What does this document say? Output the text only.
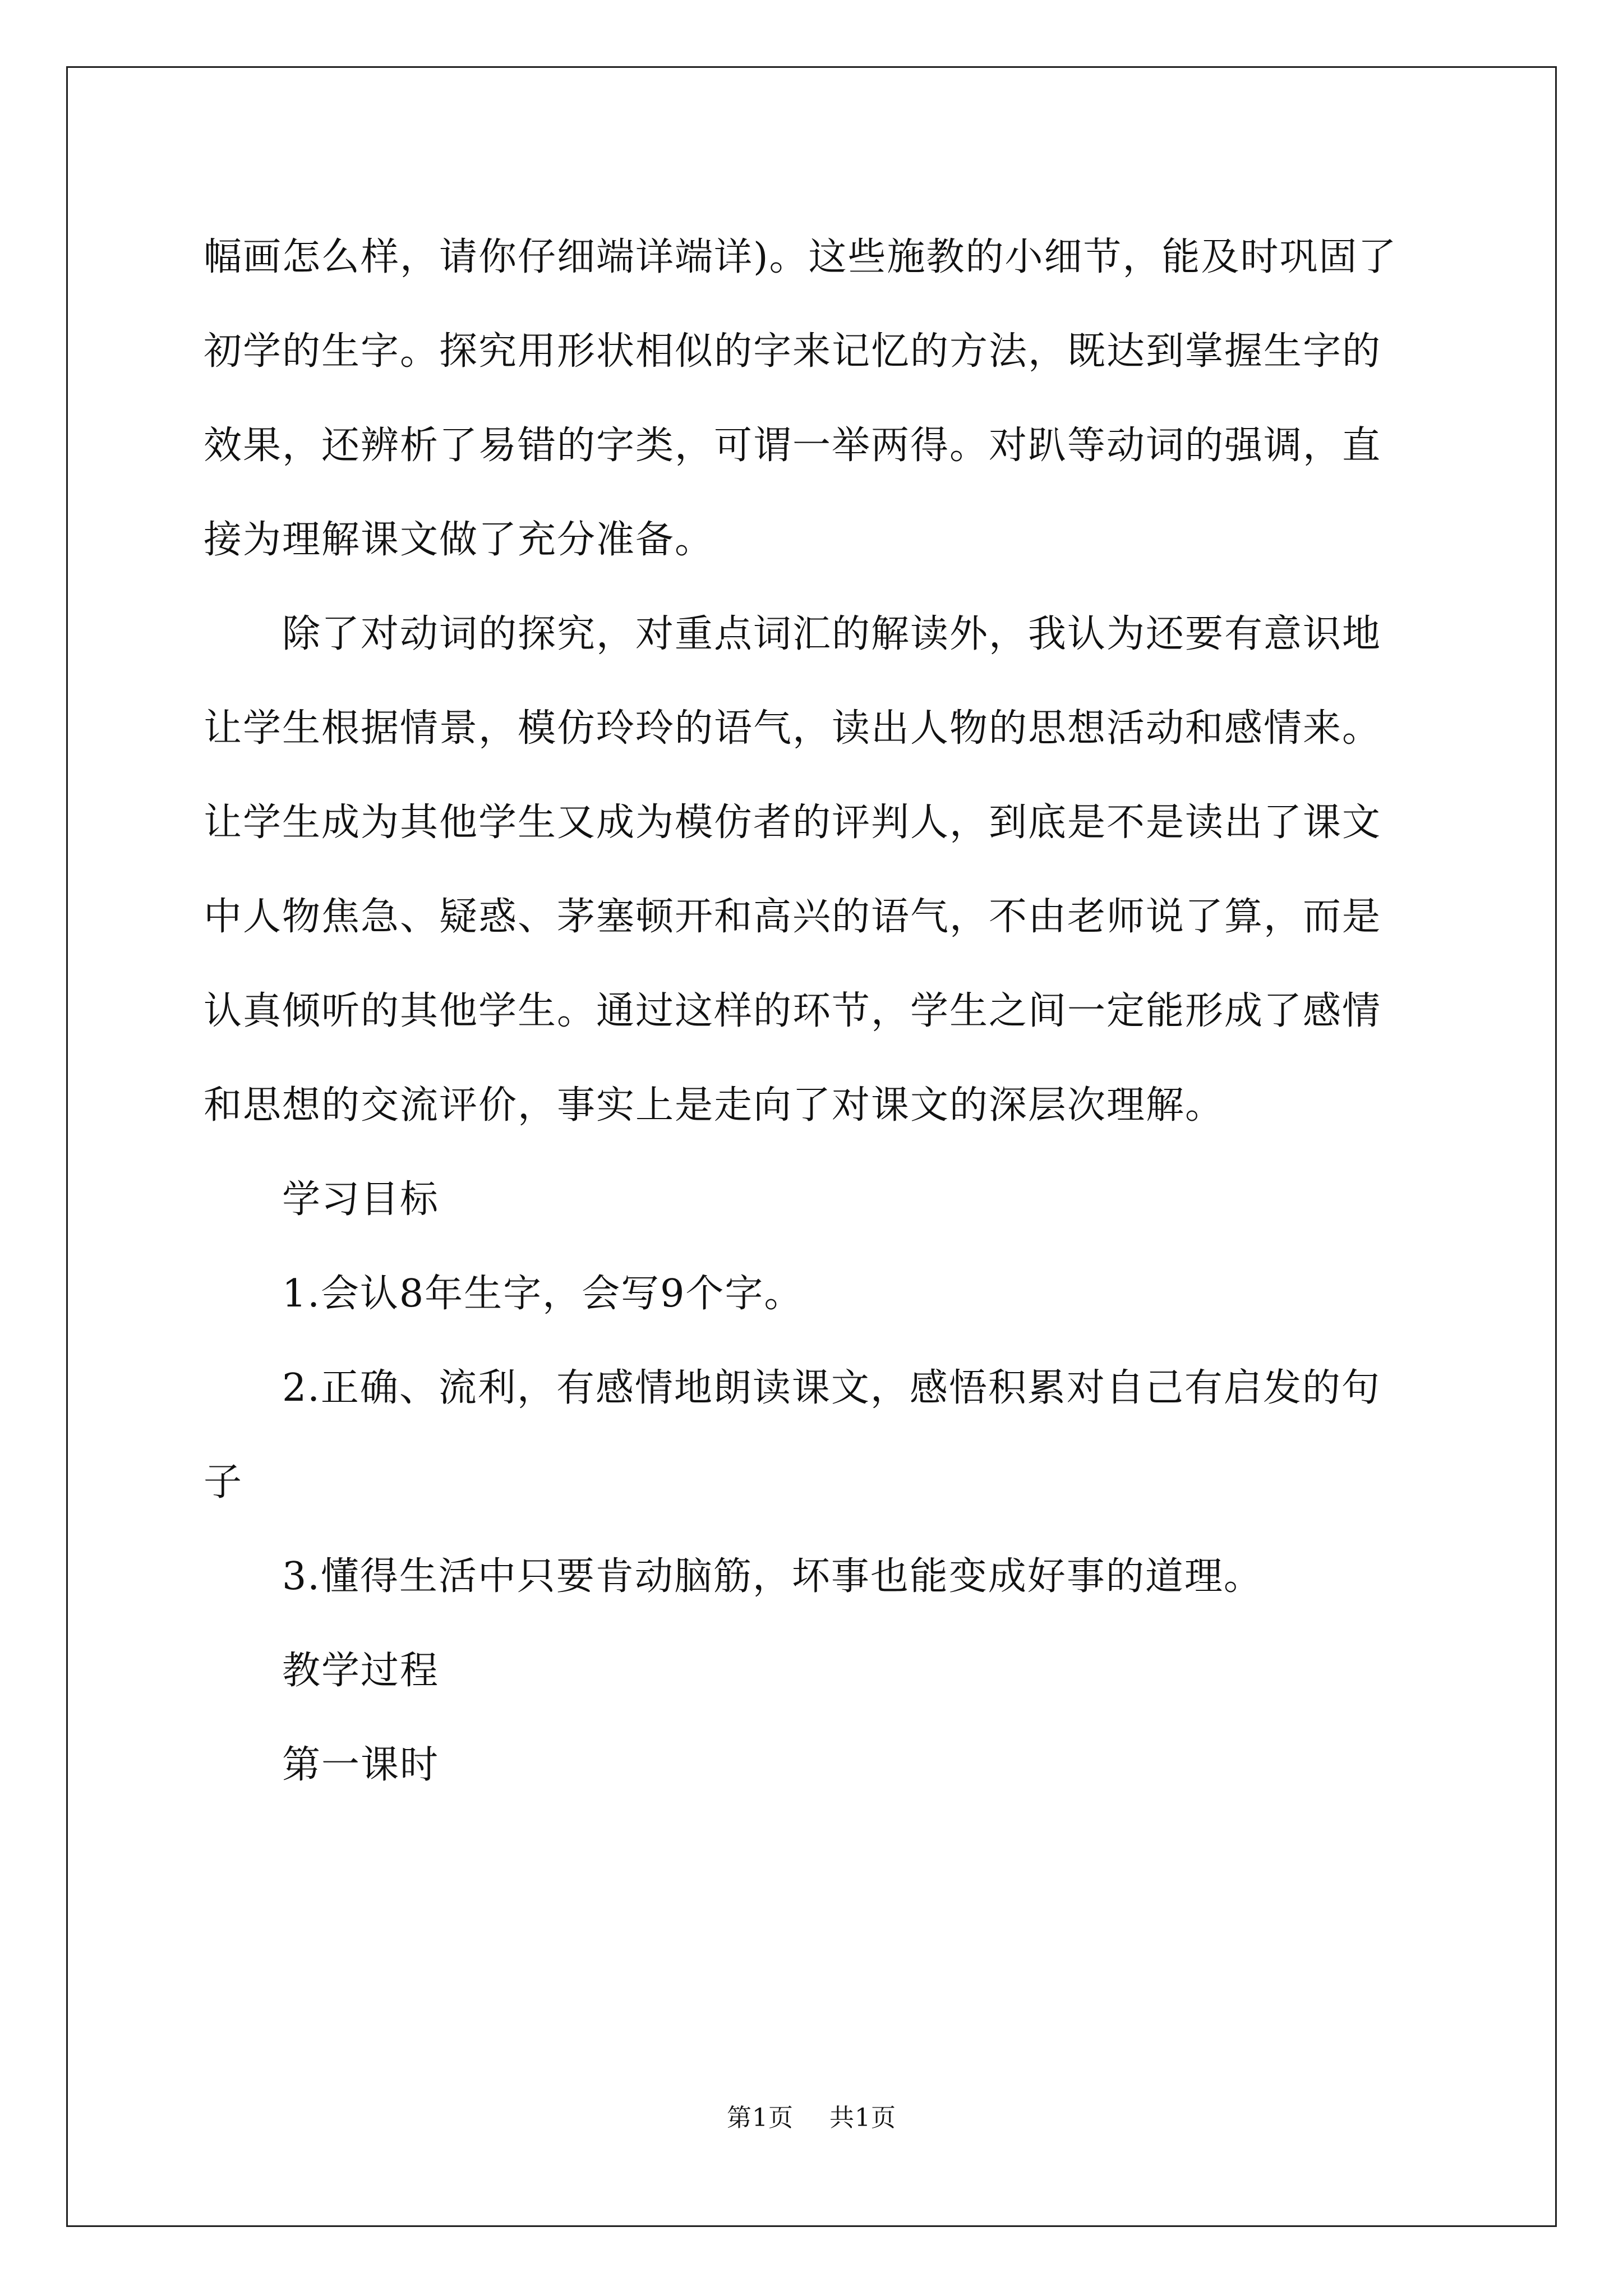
幅画怎么样，请你仔细端详端详)。这些施教的小细节，能及时巩固了
初学的生字。探究用形状相似的字来记忆的方法，既达到掌握生字的
效果，还辨析了易错的字类，可谓一举两得。对趴等动词的强调，直
接为理解课文做了充分准备。
除了对动词的探究，对重点词汇的解读外，我认为还要有意识地
让学生根据情景，模仿玲玲的语气，读出人物的思想活动和感情来。
让学生成为其他学生又成为模仿者的评判人，到底是不是读出了课文
中人物焦急、疑惑、茅塞顿开和高兴的语气，不由老师说了算，而是
认真倾听的其他学生。通过这样的环节，学生之间一定能形成了感情
和思想的交流评价，事实上是走向了对课文的深层次理解。
学习目标
1.会认8年生字，会写9个字。
2.正确、流利，有感情地朗读课文，感悟积累对自己有启发的句
子
3.懂得生活中只要肯动脑筋，坏事也能变成好事的道理。
教学过程
第一课时
第1页 共1页
